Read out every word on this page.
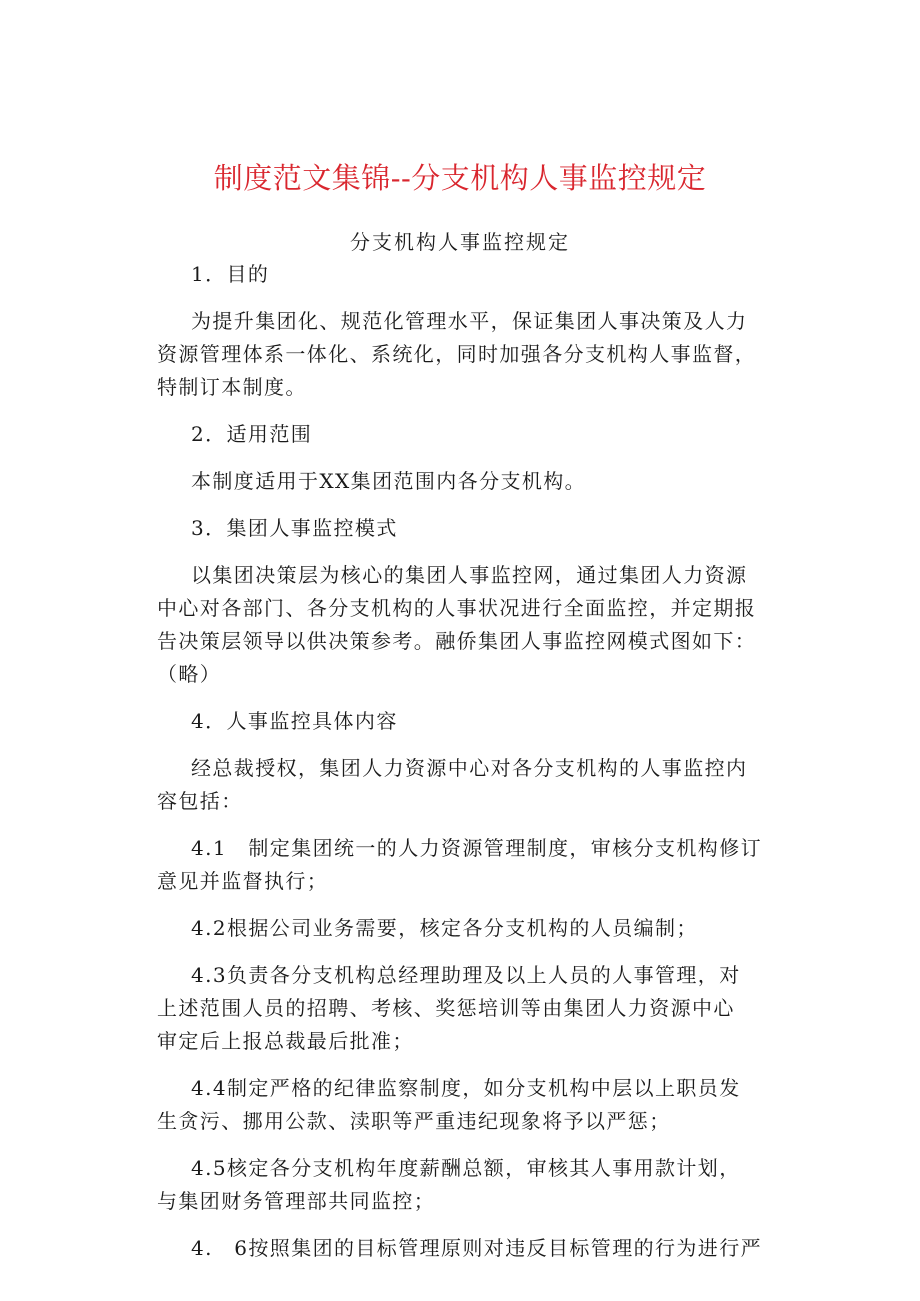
制度范文集锦--分支机构人事监控规定
分支机构人事监控规定
1．目的
为提升集团化、规范化管理水平，保证集团人事决策及人力
资源管理体系一体化、系统化，同时加强各分支机构人事监督，
特制订本制度。
2．适用范围
本制度适用于XX集团范围内各分支机构。
3．集团人事监控模式
以集团决策层为核心的集团人事监控网，通过集团人力资源
中心对各部门、各分支机构的人事状况进行全面监控，并定期报
告决策层领导以供决策参考。融侨集团人事监控网模式图如下：
（略）
4．人事监控具体内容
经总裁授权，集团人力资源中心对各分支机构的人事监控内
容包括：
4.1　制定集团统一的人力资源管理制度，审核分支机构修订
意见并监督执行；
4.2根据公司业务需要，核定各分支机构的人员编制；
4.3负责各分支机构总经理助理及以上人员的人事管理，对
上述范围人员的招聘、考核、奖惩培训等由集团人力资源中心
审定后上报总裁最后批准；
4.4制定严格的纪律监察制度，如分支机构中层以上职员发
生贪污、挪用公款、渎职等严重违纪现象将予以严惩；
4.5核定各分支机构年度薪酬总额，审核其人事用款计划，
与集团财务管理部共同监控；
4.　6按照集团的目标管理原则对违反目标管理的行为进行严
